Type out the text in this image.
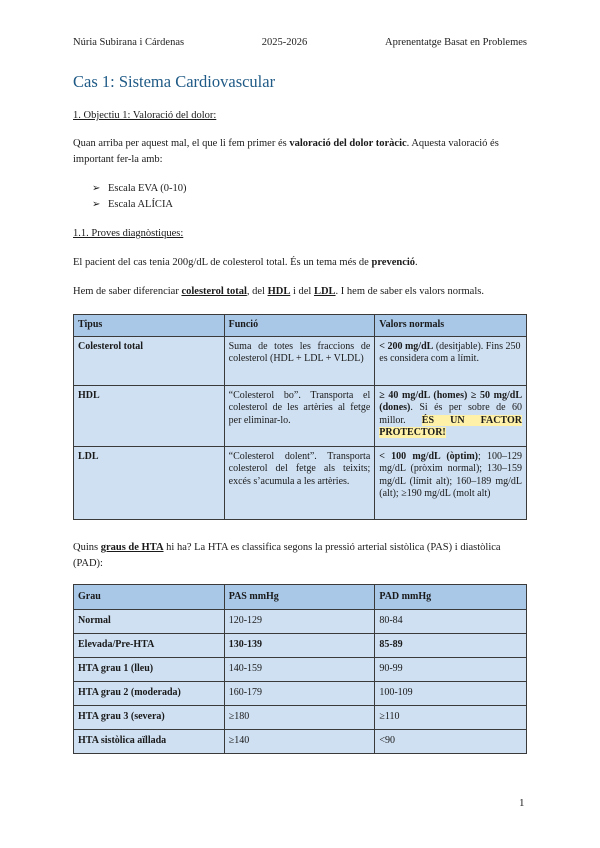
Núria Subirana i Cárdenas	2025-2026	Aprenentatge Basat en Problemes
Cas 1: Sistema Cardiovascular
1. Objectiu 1: Valoració del dolor:
Quan arriba per aquest mal, el que li fem primer és valoració del dolor toràcic. Aquesta valoració és important fer-la amb:
➢ Escala EVA (0-10)
➢ Escala ALÍCIA
1.1. Proves diagnòstiques:
El pacient del cas tenia 200g/dL de colesterol total. És un tema més de prevenció.
Hem de saber diferenciar colesterol total, del HDL i del LDL. I hem de saber els valors normals.
Tipus	Funció	Valors normals
Colesterol total	Suma de totes les fraccions de colesterol (HDL + LDL + VLDL)	< 200 mg/dL (desitjable). Fins 250 es considera com a límit.
HDL	“Colesterol bo”. Transporta el colesterol de les artèries al fetge per eliminar-lo.	≥ 40 mg/dL (homes) ≥ 50 mg/dL (dones). Si és per sobre de 60 millor. ÉS UN FACTOR PROTECTOR!
LDL	“Colesterol dolent”. Transporta colesterol del fetge als teixits; excés s’acumula a les artèries.	< 100 mg/dL (òptim); 100–129 mg/dL (pròxim normal); 130–159 mg/dL (límit alt); 160–189 mg/dL (alt); ≥190 mg/dL (molt alt)
Quins graus de HTA hi ha? La HTA es classifica segons la pressió arterial sistòlica (PAS) i diastòlica (PAD):
Grau	PAS mmHg	PAD mmHg
Normal	120-129	80-84
Elevada/Pre-HTA	130-139	85-89
HTA grau 1 (lleu)	140-159	90-99
HTA grau 2 (moderada)	160-179	100-109
HTA grau 3 (severa)	≥180	≥110
HTA sistòlica aïllada	≥140	<90
1
